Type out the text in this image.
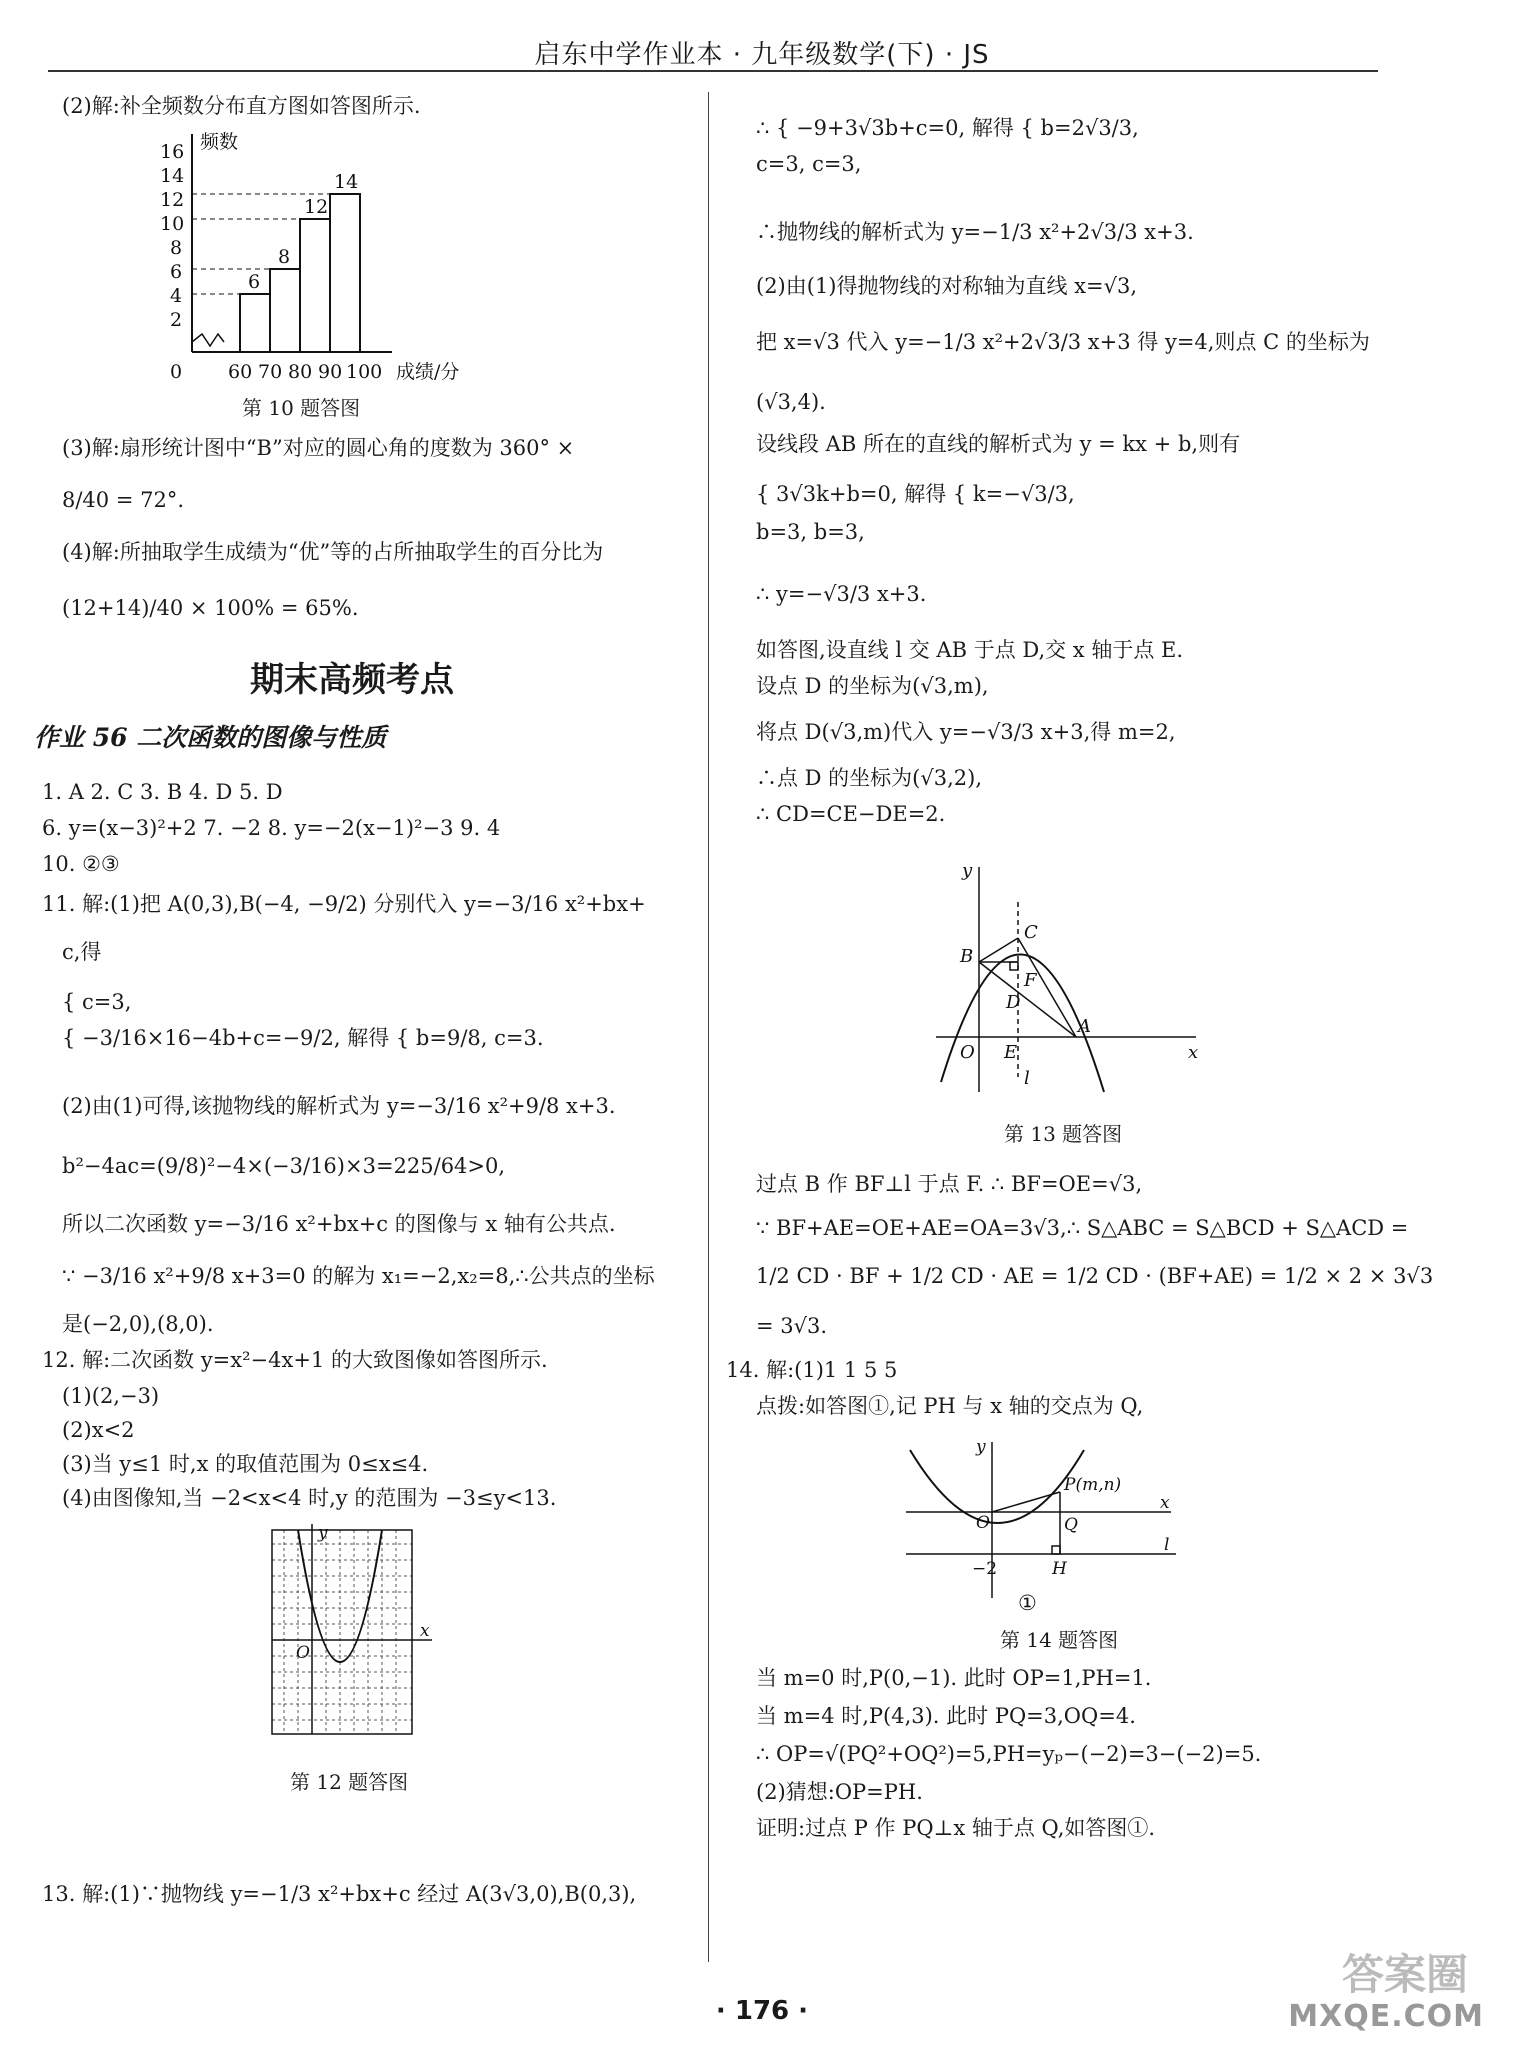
启东中学作业本 · 九年级数学(下) · JS
(2)解:补全频数分布直方图如答图所示.
6
8
12
14
16
14
12
10
8
6
4
2
0
频数
60 70 80 90 100 成绩/分
第 10 题答图
(3)解:扇形统计图中“B”对应的圆心角的度数为 360° ×
8/40 = 72°.
(4)解:所抽取学生成绩为“优”等的占所抽取学生的百分比为
(12+14)/40 × 100% = 65%.
期末高频考点
作业 56 二次函数的图像与性质
1. A 2. C 3. B 4. D 5. D
6. y=(x−3)²+2 7. −2 8. y=−2(x−1)²−3 9. 4
10. ②③
11. 解:(1)把 A(0,3),B(−4, −9/2) 分别代入 y=−3/16 x²+bx+
c,得
{ c=3,
{ −3/16×16−4b+c=−9/2, 解得 { b=9/8, c=3.
(2)由(1)可得,该抛物线的解析式为 y=−3/16 x²+9/8 x+3.
b²−4ac=(9/8)²−4×(−3/16)×3=225/64>0,
所以二次函数 y=−3/16 x²+bx+c 的图像与 x 轴有公共点.
∵ −3/16 x²+9/8 x+3=0 的解为 x₁=−2,x₂=8,∴公共点的坐标
是(−2,0),(8,0).
12. 解:二次函数 y=x²−4x+1 的大致图像如答图所示.
(1)(2,−3)
(2)x<2
(3)当 y≤1 时,x 的取值范围为 0≤x≤4.
(4)由图像知,当 −2<x<4 时,y 的范围为 −3≤y<13.
y
x
O
第 12 题答图
13. 解:(1)∵抛物线 y=−1/3 x²+bx+c 经过 A(3√3,0),B(0,3),
∴ { −9+3√3b+c=0, 解得 { b=2√3/3,
c=3, c=3,
∴抛物线的解析式为 y=−1/3 x²+2√3/3 x+3.
(2)由(1)得抛物线的对称轴为直线 x=√3,
把 x=√3 代入 y=−1/3 x²+2√3/3 x+3 得 y=4,则点 C 的坐标为
(√3,4).
设线段 AB 所在的直线的解析式为 y = kx + b,则有
{ 3√3k+b=0, 解得 { k=−√3/3,
b=3, b=3,
∴ y=−√3/3 x+3.
如答图,设直线 l 交 AB 于点 D,交 x 轴于点 E.
设点 D 的坐标为(√3,m),
将点 D(√3,m)代入 y=−√3/3 x+3,得 m=2,
∴点 D 的坐标为(√3,2),
∴ CD=CE−DE=2.
y
x
O
B
C
F
D
A
E
l
第 13 题答图
过点 B 作 BF⊥l 于点 F. ∴ BF=OE=√3,
∵ BF+AE=OE+AE=OA=3√3,∴ S△ABC = S△BCD + S△ACD =
1/2 CD · BF + 1/2 CD · AE = 1/2 CD · (BF+AE) = 1/2 × 2 × 3√3
= 3√3.
14. 解:(1)1 1 5 5
点拨:如答图①,记 PH 与 x 轴的交点为 Q,
y
x
O
P(m,n)
Q
H
l
−2
①
第 14 题答图
当 m=0 时,P(0,−1). 此时 OP=1,PH=1.
当 m=4 时,P(4,3). 此时 PQ=3,OQ=4.
∴ OP=√(PQ²+OQ²)=5,PH=yₚ−(−2)=3−(−2)=5.
(2)猜想:OP=PH.
证明:过点 P 作 PQ⊥x 轴于点 Q,如答图①.
· 176 ·
答案圈
MXQE.COM
